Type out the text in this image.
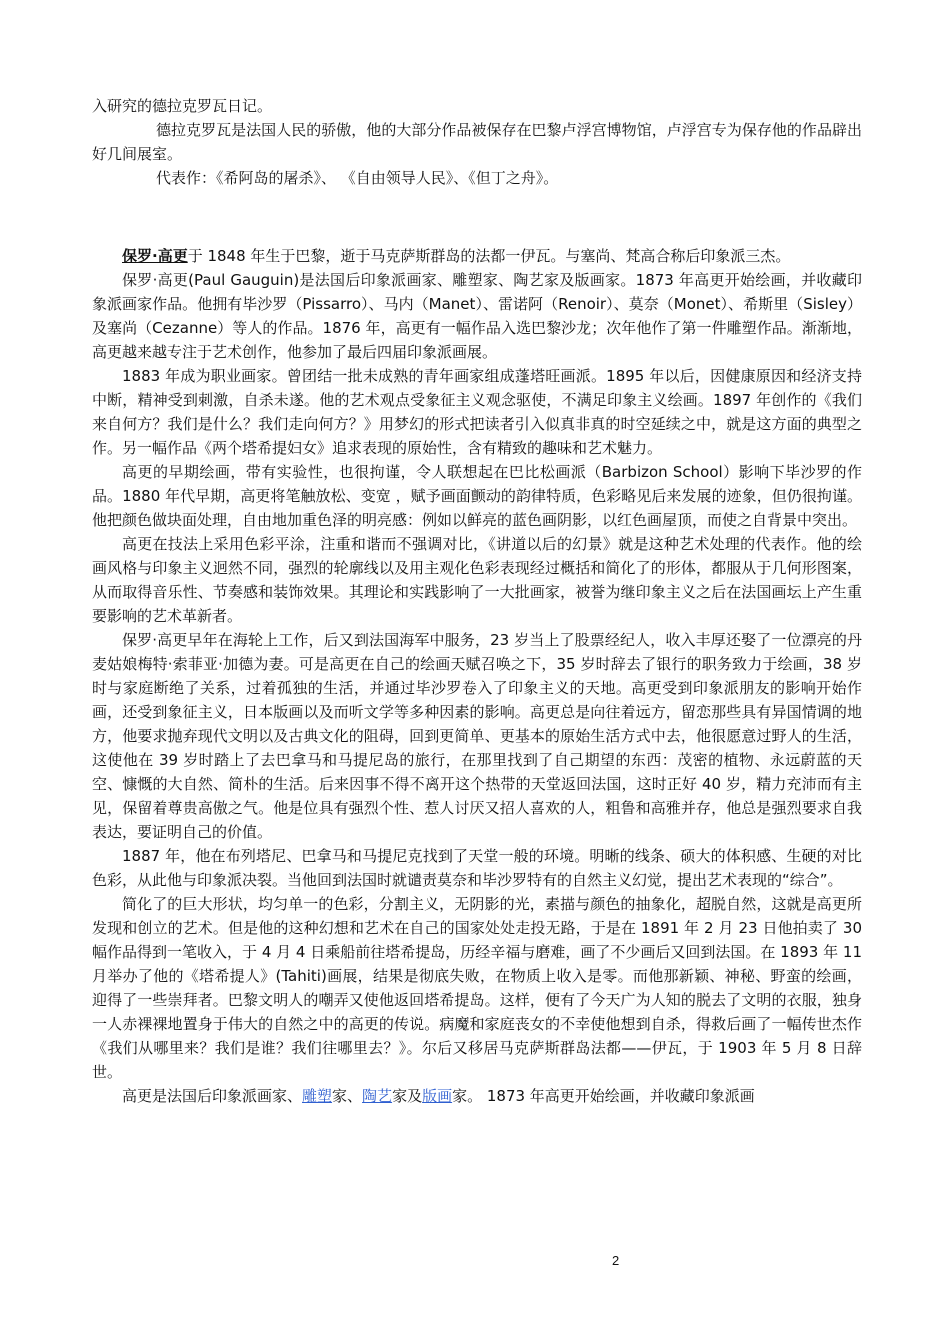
入研究的德拉克罗瓦日记。

德拉克罗瓦是法国人民的骄傲，他的大部分作品被保存在巴黎卢浮宫博物馆，卢浮宫专为保存他的作品辟出好几间展室。

代表作：《希阿岛的屠杀》、 《自由领导人民》、《但丁之舟》。

保罗·高更于 1848 年生于巴黎，逝于马克萨斯群岛的法都一伊瓦。与塞尚、梵高合称后印象派三杰。

保罗·高更(Paul Gauguin)是法国后印象派画家、雕塑家、陶艺家及版画家。1873 年高更开始绘画，并收藏印象派画家作品。他拥有毕沙罗（Pissarro）、马内（Manet）、雷诺阿（Renoir）、莫奈（Monet）、希斯里（Sisley）及塞尚（Cezanne）等人的作品。1876 年，高更有一幅作品入选巴黎沙龙；次年他作了第一件雕塑作品。渐渐地，高更越来越专注于艺术创作，他参加了最后四届印象派画展。

1883 年成为职业画家。曾团结一批未成熟的青年画家组成蓬塔旺画派。1895 年以后，因健康原因和经济支持中断，精神受到刺激，自杀未遂。他的艺术观点受象征主义观念驱使，不满足印象主义绘画。1897 年创作的《我们来自何方？我们是什么？我们走向何方？》用梦幻的形式把读者引入似真非真的时空延续之中，就是这方面的典型之作。另一幅作品《两个塔希提妇女》追求表现的原始性，含有精致的趣味和艺术魅力。

高更的早期绘画，带有实验性，也很拘谨，令人联想起在巴比松画派（Barbizon School）影响下毕沙罗的作品。1880 年代早期，高更将笔触放松、变宽 ，赋予画面颤动的韵律特质，色彩略见后来发展的迹象，但仍很拘谨。他把颜色做块面处理，自由地加重色泽的明亮感：例如以鲜亮的蓝色画阴影，以红色画屋顶，而使之自背景中突出。

高更在技法上采用色彩平涂，注重和谐而不强调对比，《讲道以后的幻景》就是这种艺术处理的代表作。他的绘画风格与印象主义迥然不同，强烈的轮廓线以及用主观化色彩表现经过概括和简化了的形体，都服从于几何形图案，从而取得音乐性、节奏感和装饰效果。其理论和实践影响了一大批画家，被誉为继印象主义之后在法国画坛上产生重要影响的艺术革新者。

保罗·高更早年在海轮上工作，后又到法国海军中服务，23 岁当上了股票经纪人，收入丰厚还娶了一位漂亮的丹麦姑娘梅特·索菲亚·加德为妻。可是高更在自己的绘画天赋召唤之下，35 岁时辞去了银行的职务致力于绘画，38 岁时与家庭断绝了关系，过着孤独的生活，并通过毕沙罗卷入了印象主义的天地。高更受到印象派朋友的影响开始作画，还受到象征主义，日本版画以及而听文学等多种因素的影响。高更总是向往着远方，留恋那些具有异国情调的地方，他要求抛弃现代文明以及古典文化的阻碍，回到更简单、更基本的原始生活方式中去，他很愿意过野人的生活，这使他在 39 岁时踏上了去巴拿马和马提尼岛的旅行，在那里找到了自己期望的东西：茂密的植物、永远蔚蓝的天空、慷慨的大自然、简朴的生活。后来因事不得不离开这个热带的天堂返回法国，这时正好 40 岁，精力充沛而有主见，保留着尊贵高傲之气。他是位具有强烈个性、惹人讨厌又招人喜欢的人，粗鲁和高雅并存，他总是强烈要求自我表达，要证明自己的价值。

1887 年，他在布列塔尼、巴拿马和马提尼克找到了天堂一般的环境。明晰的线条、硕大的体积感、生硬的对比色彩，从此他与印象派决裂。当他回到法国时就谴责莫奈和毕沙罗特有的自然主义幻觉，提出艺术表现的“综合”。

简化了的巨大形状，均匀单一的色彩，分割主义，无阴影的光，素描与颜色的抽象化，超脱自然，这就是高更所发现和创立的艺术。但是他的这种幻想和艺术在自己的国家处处走投无路，于是在 1891 年 2 月 23 日他拍卖了 30 幅作品得到一笔收入，于 4 月 4 日乘船前往塔希提岛，历经辛福与磨难，画了不少画后又回到法国。在 1893 年 11 月举办了他的《塔希提人》(Tahiti)画展，结果是彻底失败，在物质上收入是零。而他那新颖、神秘、野蛮的绘画，迎得了一些崇拜者。巴黎文明人的嘲弄又使他返回塔希提岛。这样，便有了今天广为人知的脱去了文明的衣服，独身一人赤裸裸地置身于伟大的自然之中的高更的传说。病魔和家庭丧女的不幸使他想到自杀，得救后画了一幅传世杰作《我们从哪里来？我们是谁？我们往哪里去？》。尔后又移居马克萨斯群岛法都——伊瓦，于 1903 年 5 月 8 日辞世。

高更是法国后印象派画家、雕塑家、陶艺家及版画家。 1873 年高更开始绘画，并收藏印象派画

2
